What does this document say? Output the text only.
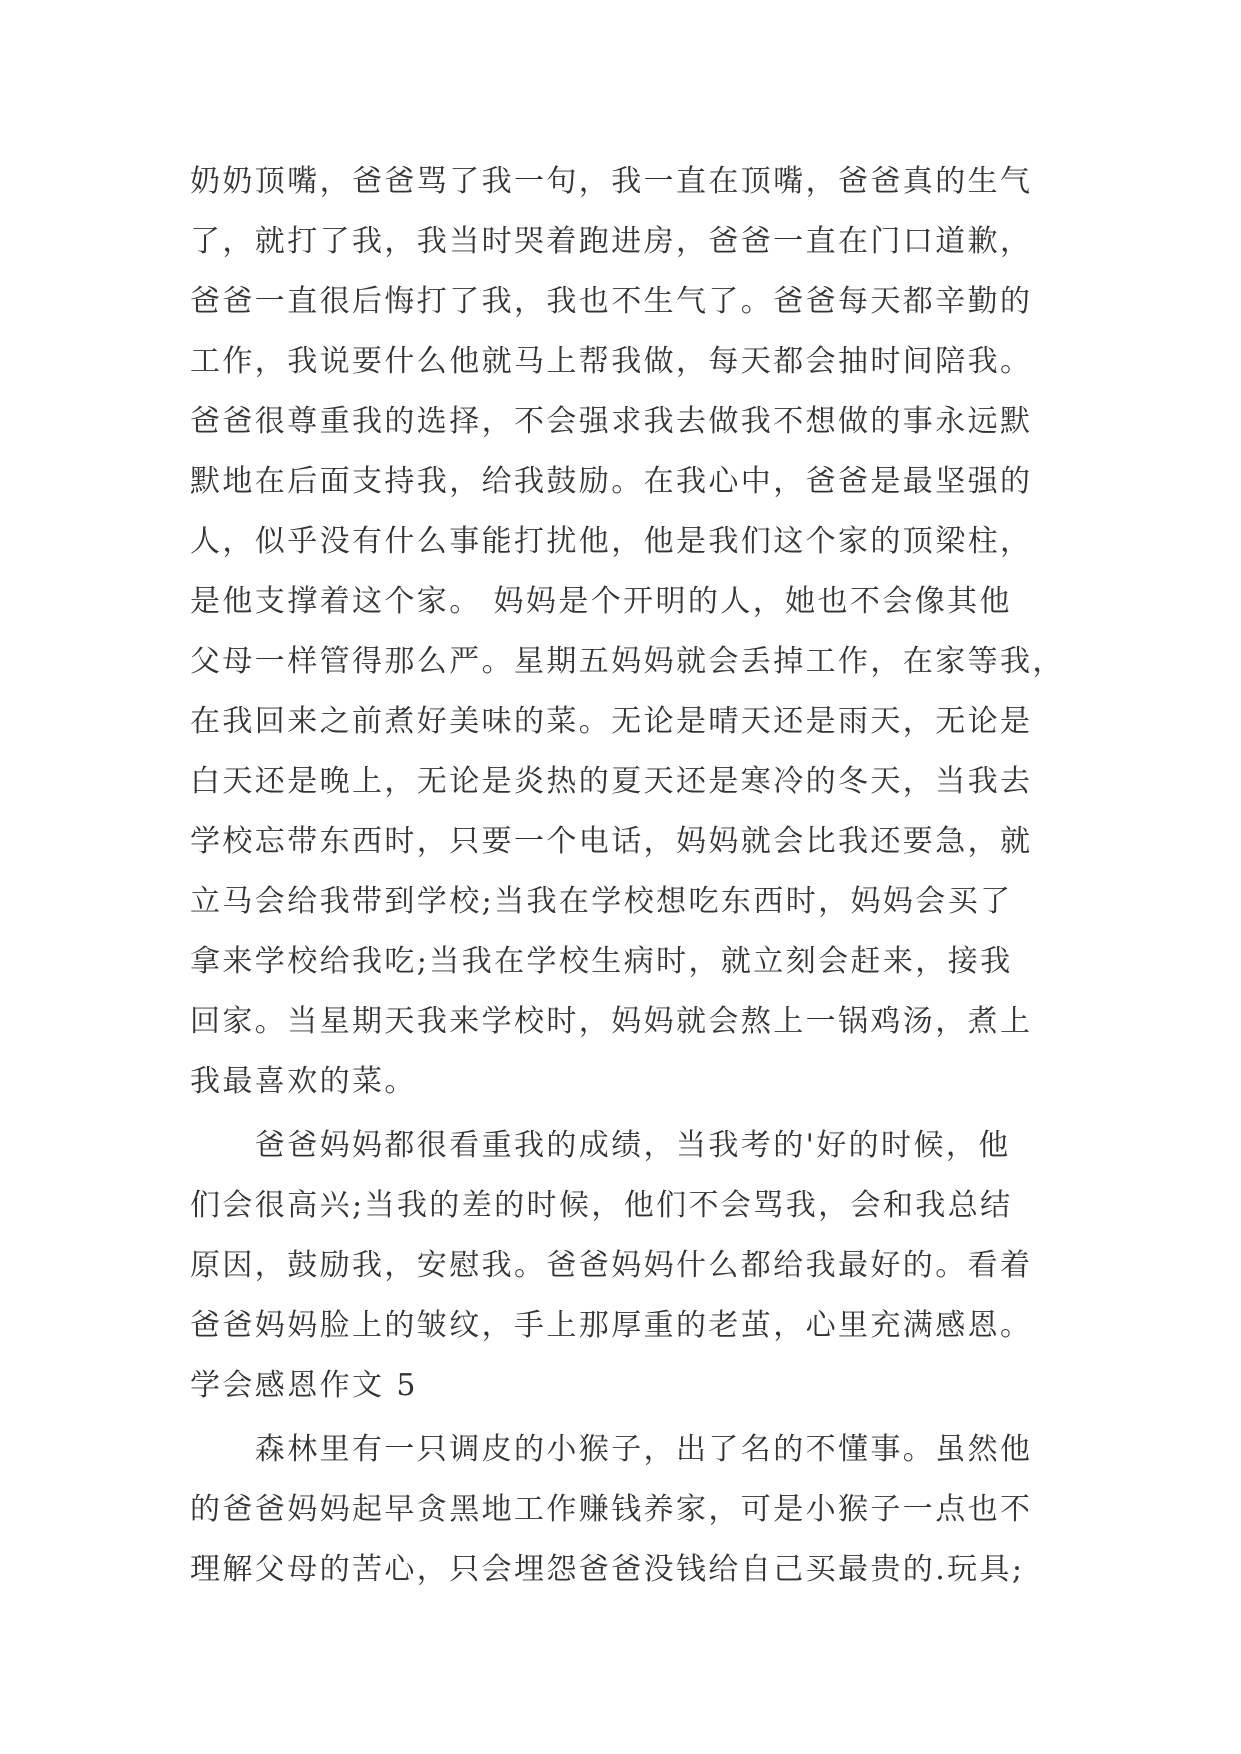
奶奶顶嘴，爸爸骂了我一句，我一直在顶嘴，爸爸真的生气
了，就打了我，我当时哭着跑进房，爸爸一直在门口道歉，
爸爸一直很后悔打了我，我也不生气了。爸爸每天都辛勤的
工作，我说要什么他就马上帮我做，每天都会抽时间陪我。
爸爸很尊重我的选择，不会强求我去做我不想做的事永远默
默地在后面支持我，给我鼓励。在我心中，爸爸是最坚强的
人，似乎没有什么事能打扰他，他是我们这个家的顶梁柱，
是他支撑着这个家。 妈妈是个开明的人，她也不会像其他
父母一样管得那么严。星期五妈妈就会丢掉工作，在家等我，
在我回来之前煮好美味的菜。无论是晴天还是雨天，无论是
白天还是晚上，无论是炎热的夏天还是寒冷的冬天，当我去
学校忘带东西时，只要一个电话，妈妈就会比我还要急，就
立马会给我带到学校;当我在学校想吃东西时，妈妈会买了
拿来学校给我吃;当我在学校生病时，就立刻会赶来，接我
回家。当星期天我来学校时，妈妈就会熬上一锅鸡汤，煮上
我最喜欢的菜。
　　爸爸妈妈都很看重我的成绩，当我考的'好的时候，他
们会很高兴;当我的差的时候，他们不会骂我，会和我总结
原因，鼓励我，安慰我。爸爸妈妈什么都给我最好的。看着
爸爸妈妈脸上的皱纹，手上那厚重的老茧，心里充满感恩。
学会感恩作文 5
　　森林里有一只调皮的小猴子，出了名的不懂事。虽然他
的爸爸妈妈起早贪黑地工作赚钱养家，可是小猴子一点也不
理解父母的苦心，只会埋怨爸爸没钱给自己买最贵的.玩具;
